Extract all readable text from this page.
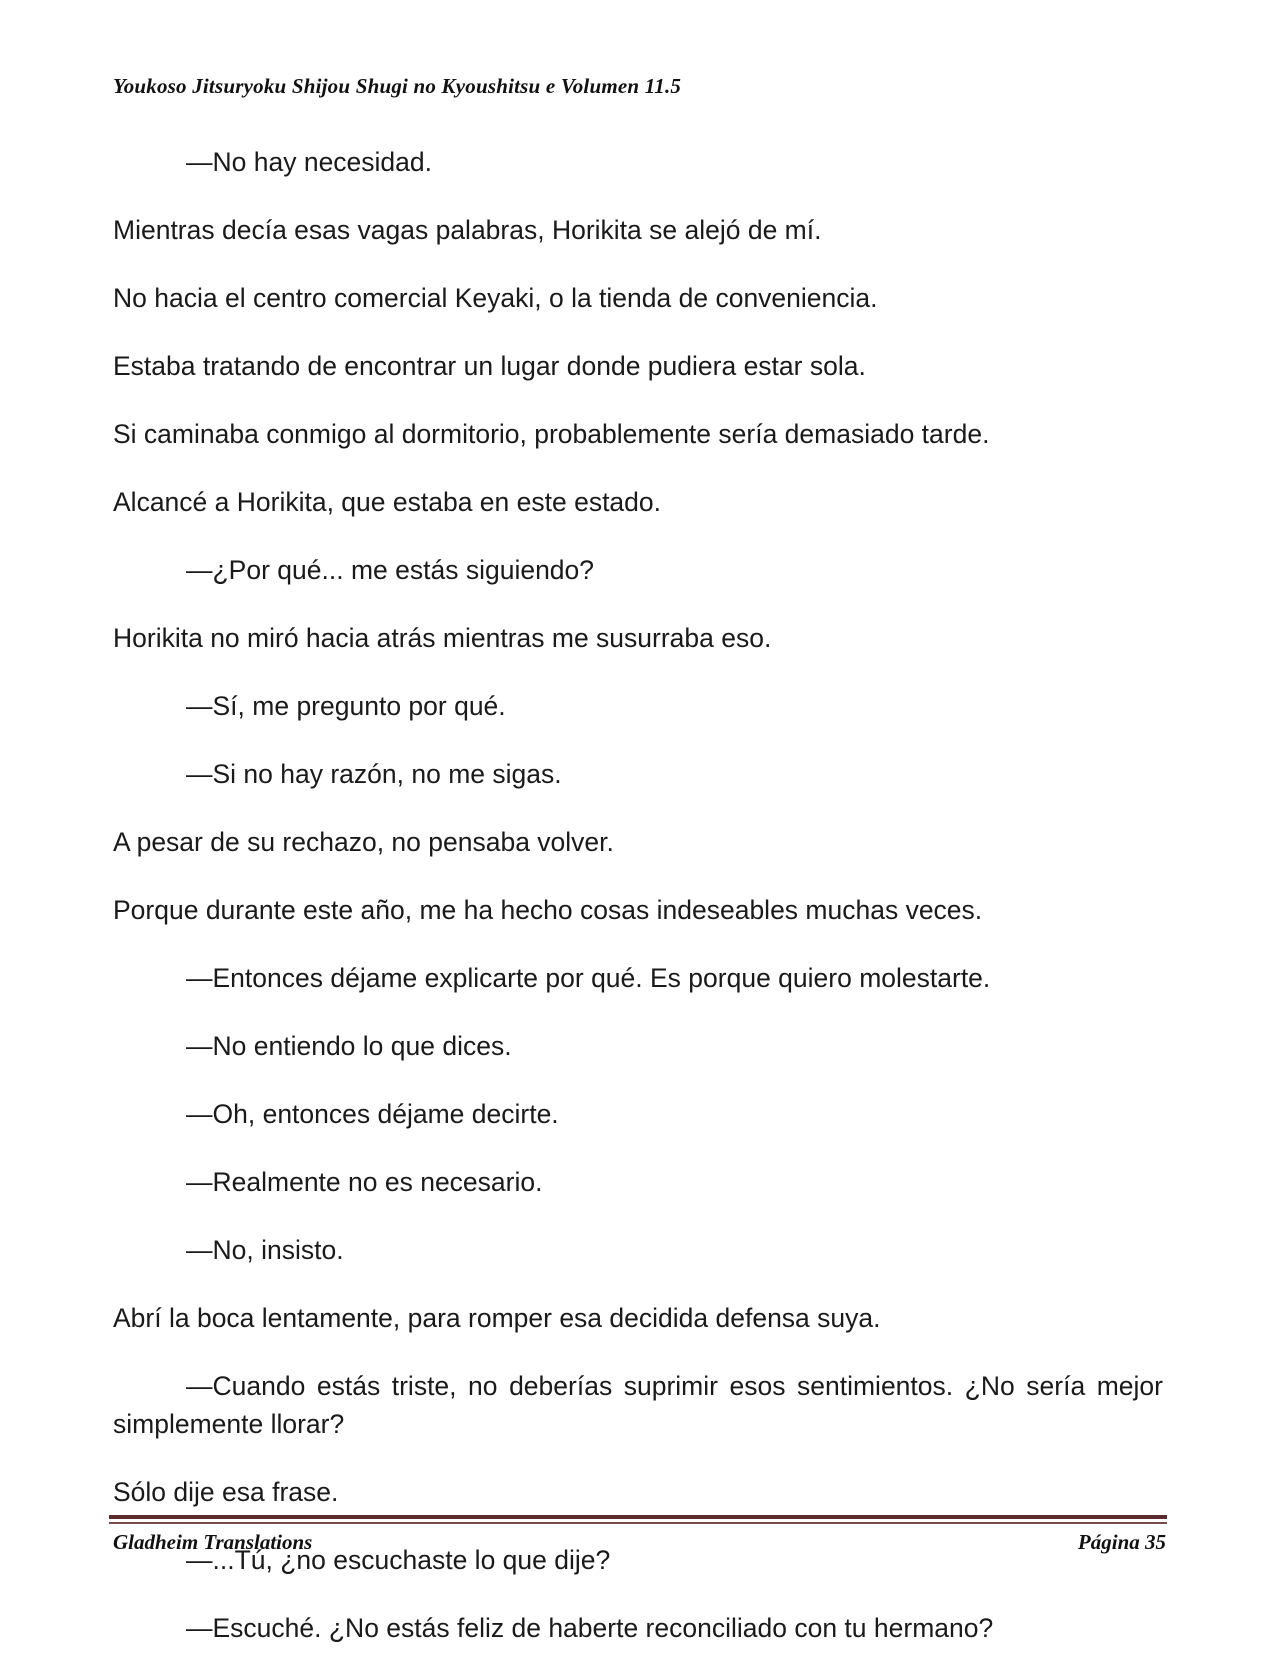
Youkoso Jitsuryoku Shijou Shugi no Kyoushitsu e Volumen 11.5

—No hay necesidad.

Mientras decía esas vagas palabras, Horikita se alejó de mí.

No hacia el centro comercial Keyaki, o la tienda de conveniencia.

Estaba tratando de encontrar un lugar donde pudiera estar sola.

Si caminaba conmigo al dormitorio, probablemente sería demasiado tarde.

Alcancé a Horikita, que estaba en este estado.

—¿Por qué... me estás siguiendo?

Horikita no miró hacia atrás mientras me susurraba eso.

—Sí, me pregunto por qué.

—Si no hay razón, no me sigas.

A pesar de su rechazo, no pensaba volver.

Porque durante este año, me ha hecho cosas indeseables muchas veces.

—Entonces déjame explicarte por qué. Es porque quiero molestarte.

—No entiendo lo que dices.

—Oh, entonces déjame decirte.

—Realmente no es necesario.

—No, insisto.

Abrí la boca lentamente, para romper esa decidida defensa suya.

—Cuando estás triste, no deberías suprimir esos sentimientos. ¿No sería mejor simplemente llorar?

Sólo dije esa frase.

—...Tú, ¿no escuchaste lo que dije?

—Escuché. ¿No estás feliz de haberte reconciliado con tu hermano?

Gladheim Translations	Página 35
